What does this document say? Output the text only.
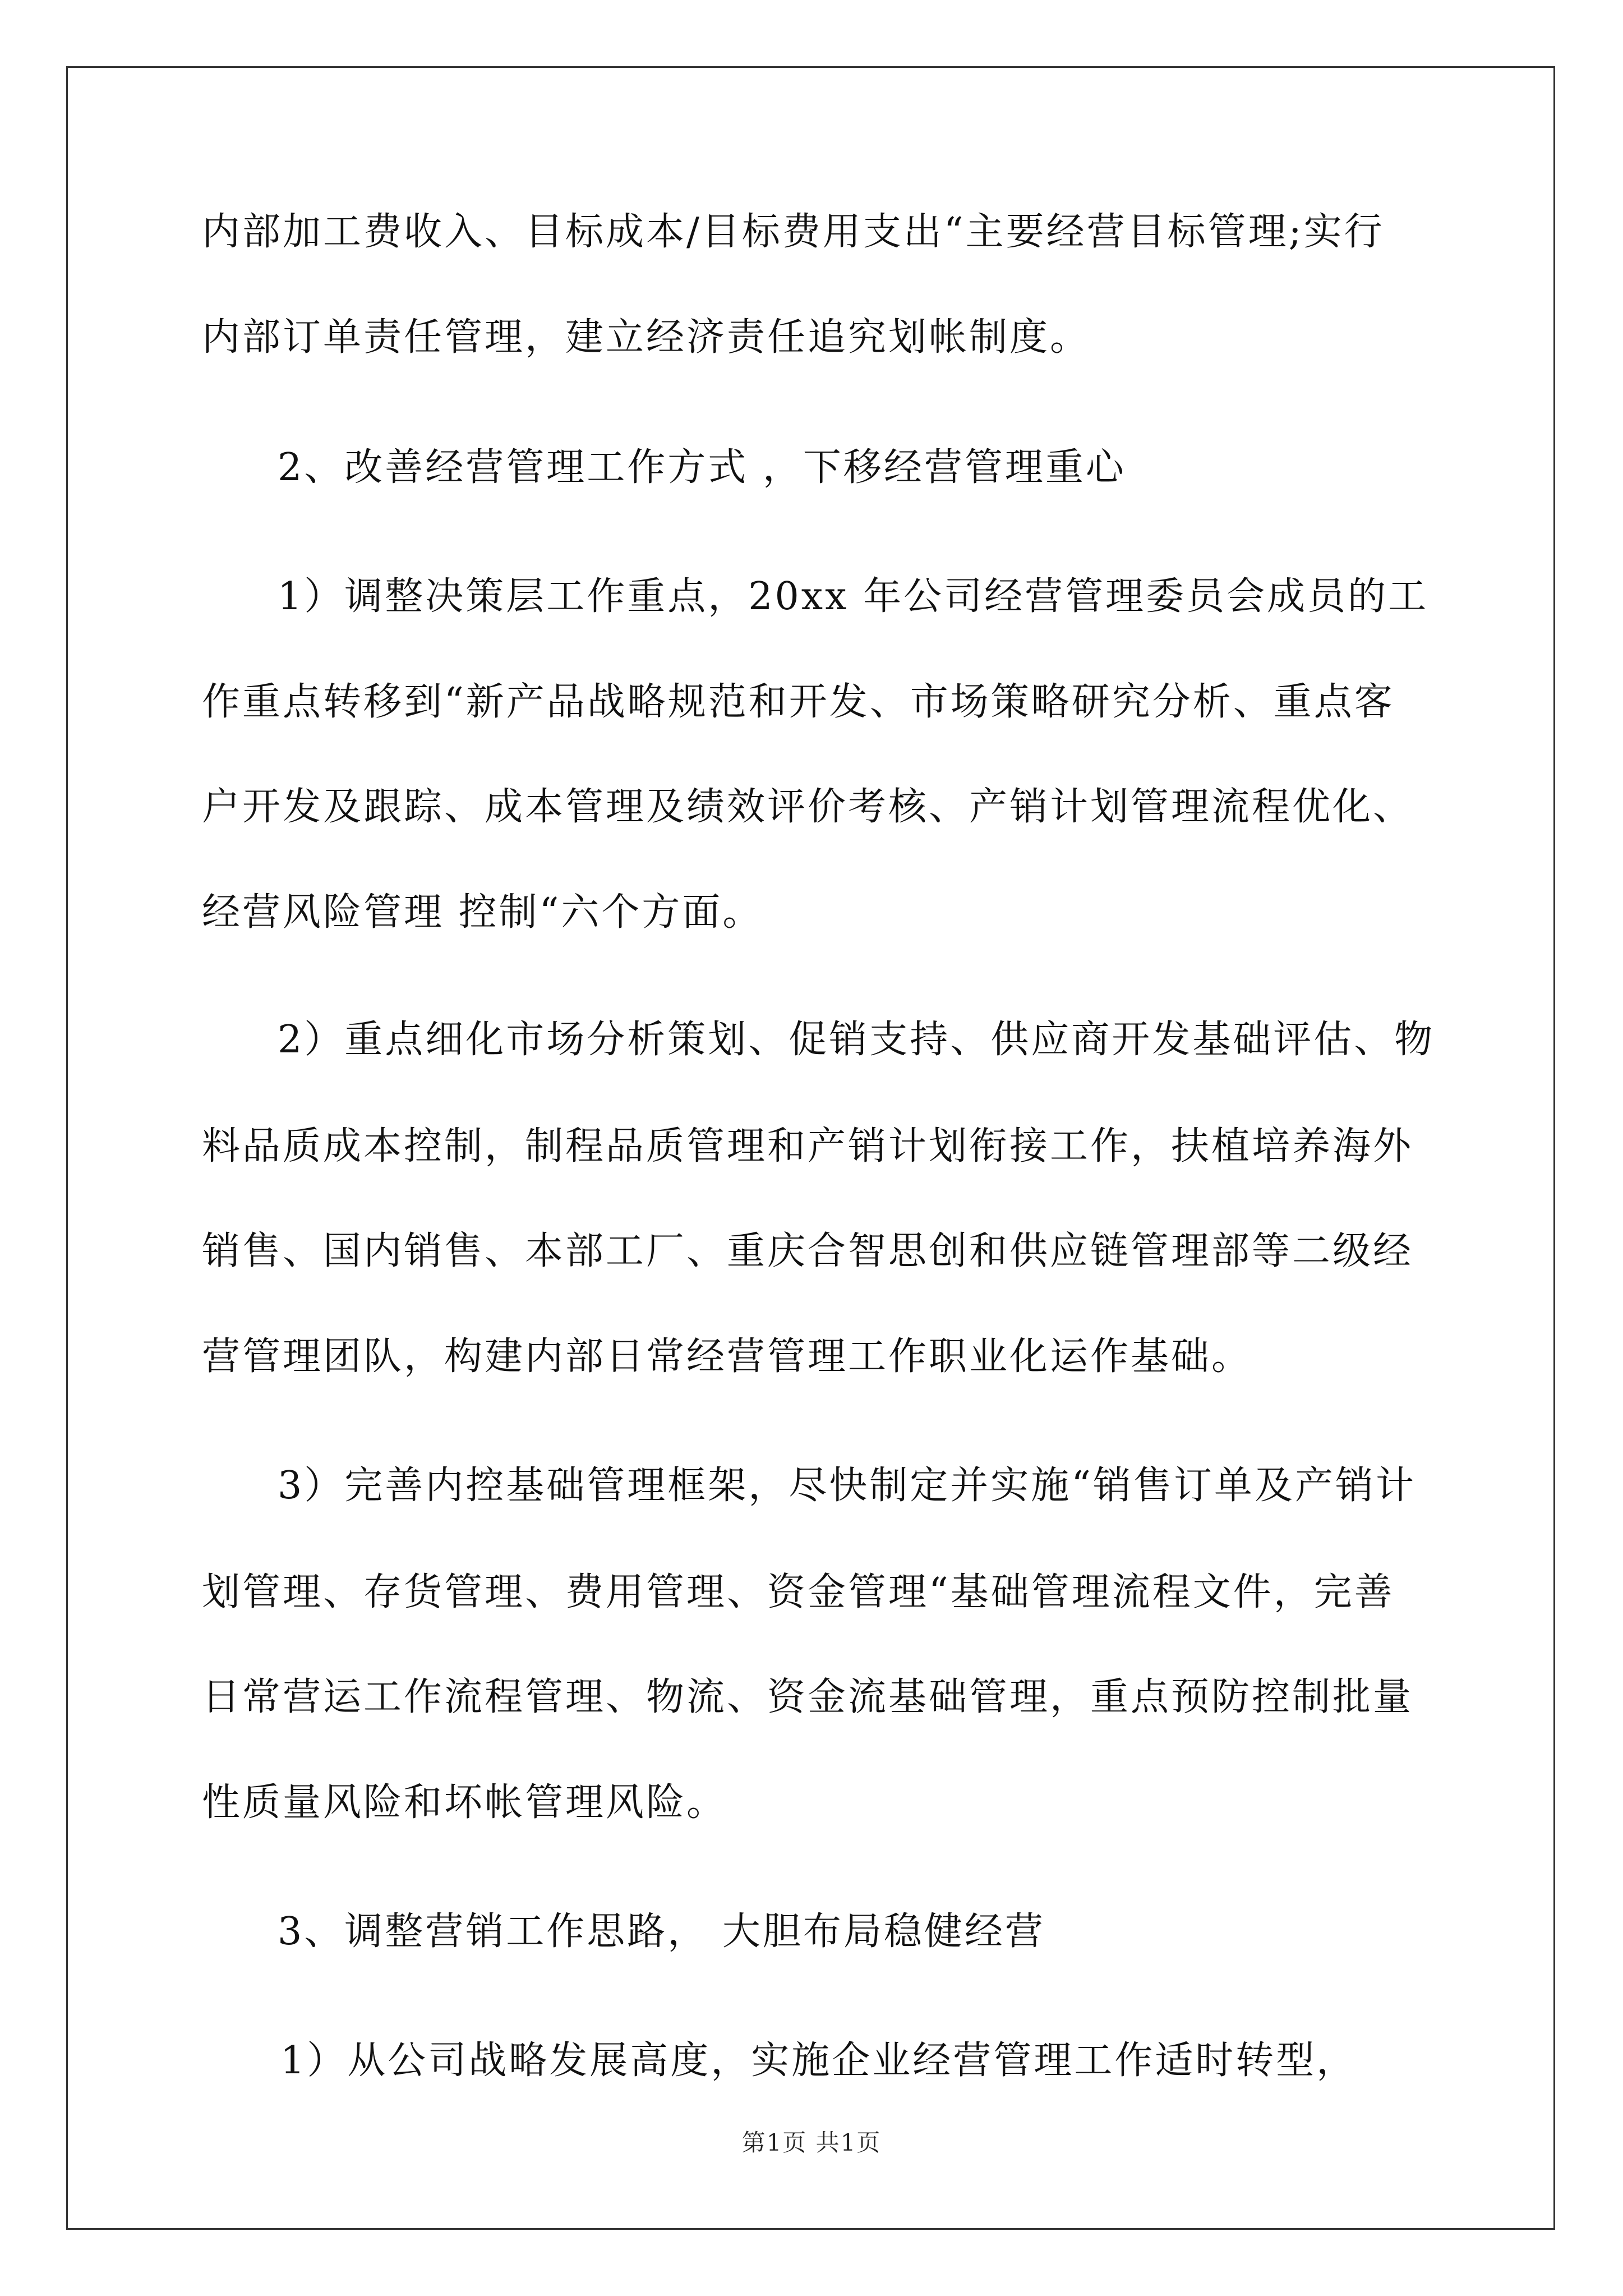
内部加工费收入、目标成本/目标费用支出“主要经营目标管理;实行
内部订单责任管理，建立经济责任追究划帐制度。
2、改善经营管理工作方式 ，下移经营管理重心
1）调整决策层工作重点，20xx 年公司经营管理委员会成员的工
作重点转移到“新产品战略规范和开发、市场策略研究分析、重点客
户开发及跟踪、成本管理及绩效评价考核、产销计划管理流程优化、
经营风险管理 控制“六个方面。
2）重点细化市场分析策划、促销支持、供应商开发基础评估、物
料品质成本控制，制程品质管理和产销计划衔接工作，扶植培养海外
销售、国内销售、本部工厂、重庆合智思创和供应链管理部等二级经
营管理团队，构建内部日常经营管理工作职业化运作基础。
3）完善内控基础管理框架，尽快制定并实施“销售订单及产销计
划管理、存货管理、费用管理、资金管理“基础管理流程文件，完善
日常营运工作流程管理、物流、资金流基础管理，重点预防控制批量
性质量风险和坏帐管理风险。
3、调整营销工作思路， 大胆布局稳健经营
1）从公司战略发展高度，实施企业经营管理工作适时转型，
第1页 共1页
